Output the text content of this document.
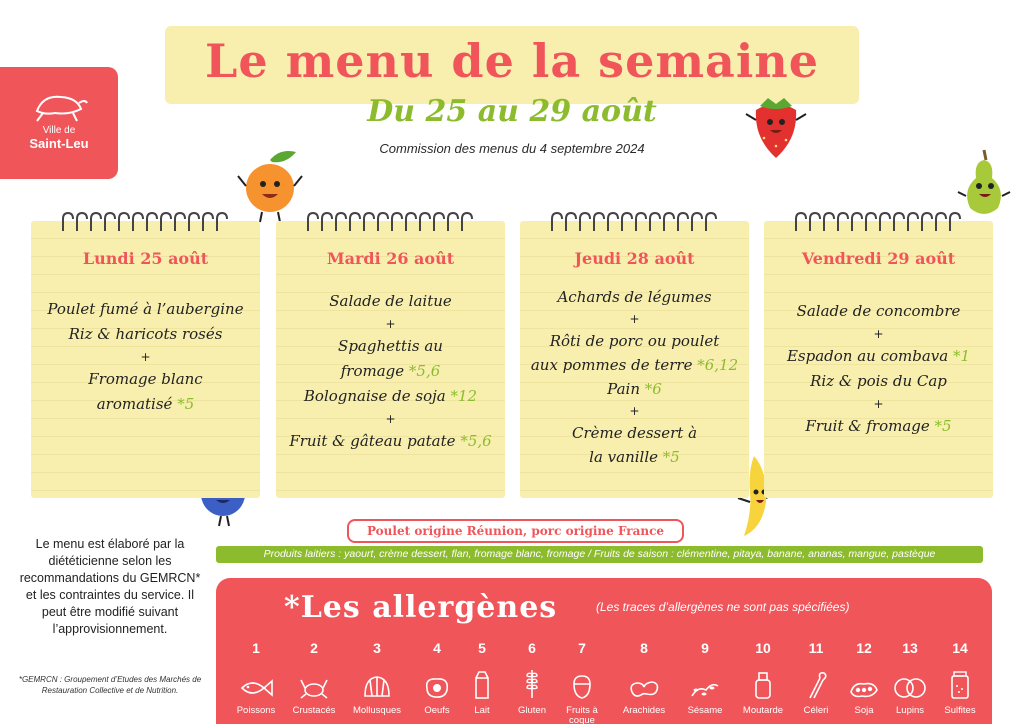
Ville de
Saint-Leu
Le menu de la semaine
Du 25 au 29 août
Commission des menus du 4 septembre 2024
Lundi 25 août
Poulet fumé à l’aubergine
Riz & haricots rosés
+
Fromage blanc
aromatisé *5
Mardi 26 août
Salade de laitue
+
Spaghettis au
fromage *5,6
Bolognaise de soja *12
+
Fruit & gâteau patate *5,6
Jeudi 28 août
Achards de légumes
+
Rôti de porc ou poulet
aux pommes de terre *6,12
Pain *6
+
Crème dessert à
la vanille *5
Vendredi 29 août
Salade de concombre
+
Espadon au combava *1
Riz & pois du Cap
+
Fruit & fromage *5
Le menu est élaboré par la diététicienne selon les recommandations du GEMRCN* et les contraintes du service. Il peut être modifié suivant l’approvisionnement.
*GEMRCN : Groupement d’Etudes des Marchés de Restauration Collective et de Nutrition.
Poulet origine Réunion, porc origine France
Produits laitiers : yaourt, crème dessert, flan, fromage blanc, fromage / Fruits de saison : clémentine, pitaya, banane, ananas, mangue, pastèque
*Les allergènes	(Les traces d’allergènes ne sont pas spécifiées)
1
Poissons
2
Crustacés
3
Mollusques
4
Oeufs
5
Lait
6
Gluten
7
Fruits à coque
8
Arachides
9
Sésame
10
Moutarde
11
Céleri
12
Soja
13
Lupins
14
Sulfites
